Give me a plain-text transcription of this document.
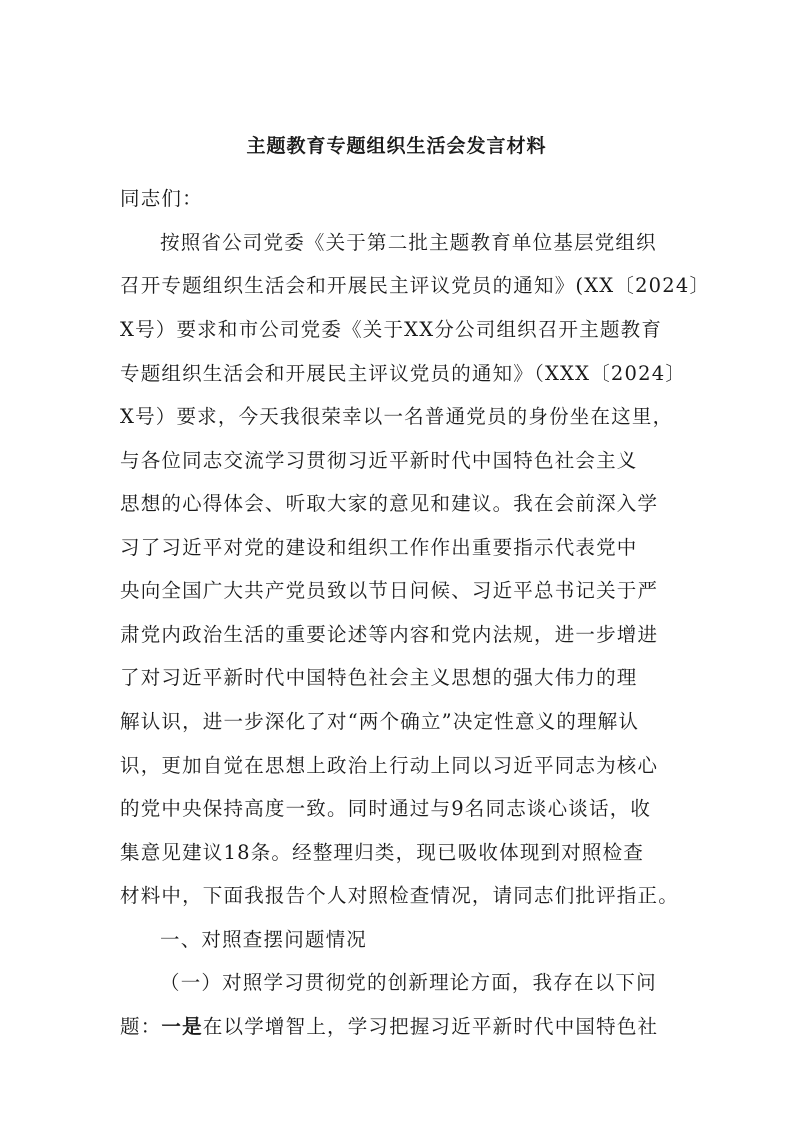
主题教育专题组织生活会发言材料
同志们：
按照省公司党委《关于第二批主题教育单位基层党组织
召开专题组织生活会和开展民主评议党员的通知》(XX〔2024〕
X号）要求和市公司党委《关于XX分公司组织召开主题教育
专题组织生活会和开展民主评议党员的通知》（XXX〔2024〕
X号）要求，今天我很荣幸以一名普通党员的身份坐在这里，
与各位同志交流学习贯彻习近平新时代中国特色社会主义
思想的心得体会、听取大家的意见和建议。我在会前深入学
习了习近平对党的建设和组织工作作出重要指示代表党中
央向全国广大共产党员致以节日问候、习近平总书记关于严
肃党内政治生活的重要论述等内容和党内法规，进一步增进
了对习近平新时代中国特色社会主义思想的强大伟力的理
解认识，进一步深化了对“两个确立”决定性意义的理解认
识，更加自觉在思想上政治上行动上同以习近平同志为核心
的党中央保持高度一致。同时通过与9名同志谈心谈话，收
集意见建议18条。经整理归类，现已吸收体现到对照检查
材料中，下面我报告个人对照检查情况，请同志们批评指正。
一、对照查摆问题情况
（一）对照学习贯彻党的创新理论方面，我存在以下问
题：一是在以学增智上，学习把握习近平新时代中国特色社
